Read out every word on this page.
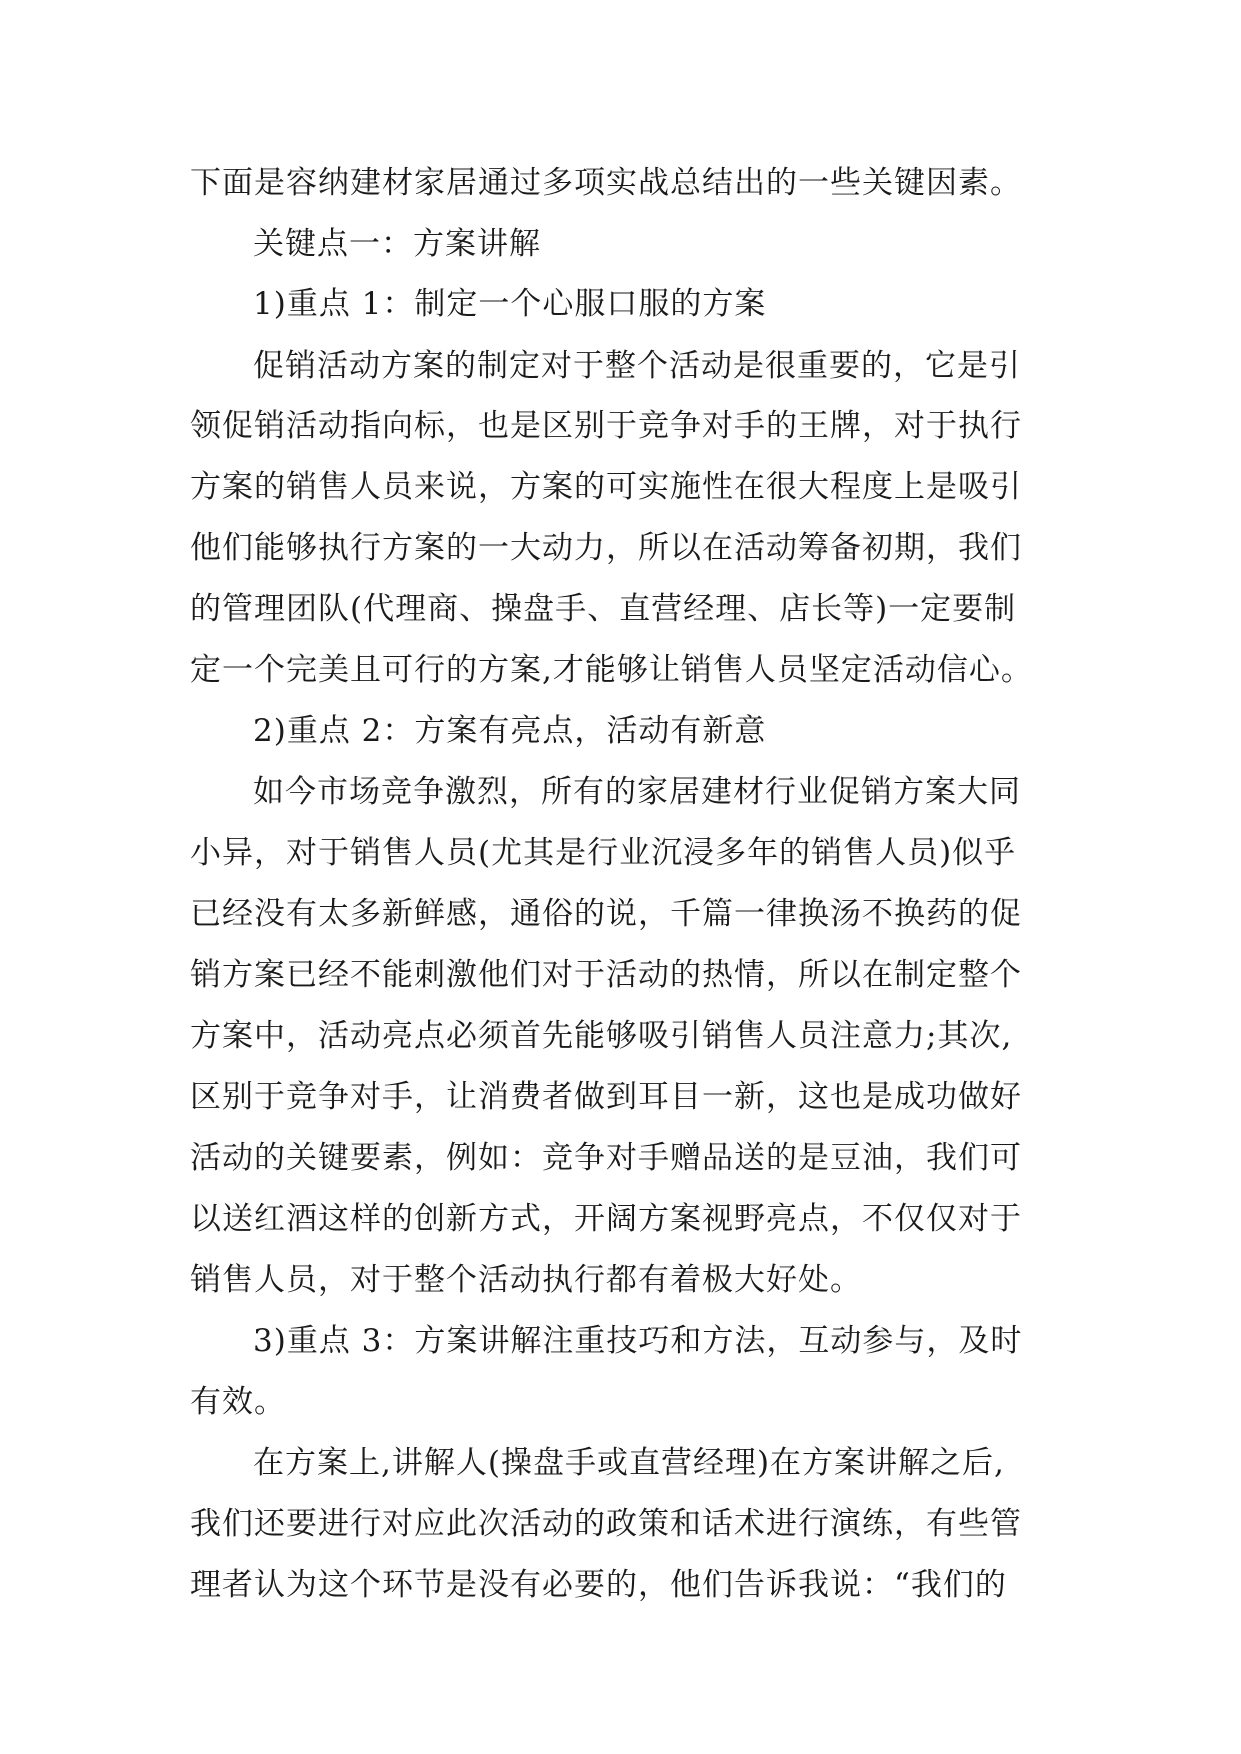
下面是容纳建材家居通过多项实战总结出的一些关键因素。
关键点一：方案讲解
1)重点 1：制定一个心服口服的方案
促销活动方案的制定对于整个活动是很重要的，它是引
领促销活动指向标，也是区别于竞争对手的王牌，对于执行
方案的销售人员来说，方案的可实施性在很大程度上是吸引
他们能够执行方案的一大动力，所以在活动筹备初期，我们
的管理团队(代理商、操盘手、直营经理、店长等)一定要制
定一个完美且可行的方案,才能够让销售人员坚定活动信心。
2)重点 2：方案有亮点，活动有新意
如今市场竞争激烈，所有的家居建材行业促销方案大同
小异，对于销售人员(尤其是行业沉浸多年的销售人员)似乎
已经没有太多新鲜感，通俗的说，千篇一律换汤不换药的促
销方案已经不能刺激他们对于活动的热情，所以在制定整个
方案中，活动亮点必须首先能够吸引销售人员注意力;其次,
区别于竞争对手，让消费者做到耳目一新，这也是成功做好
活动的关键要素，例如：竞争对手赠品送的是豆油，我们可
以送红酒这样的创新方式，开阔方案视野亮点，不仅仅对于
销售人员，对于整个活动执行都有着极大好处。
3)重点 3：方案讲解注重技巧和方法，互动参与，及时
有效。
在方案上,讲解人(操盘手或直营经理)在方案讲解之后,
我们还要进行对应此次活动的政策和话术进行演练，有些管
理者认为这个环节是没有必要的，他们告诉我说：“我们的
